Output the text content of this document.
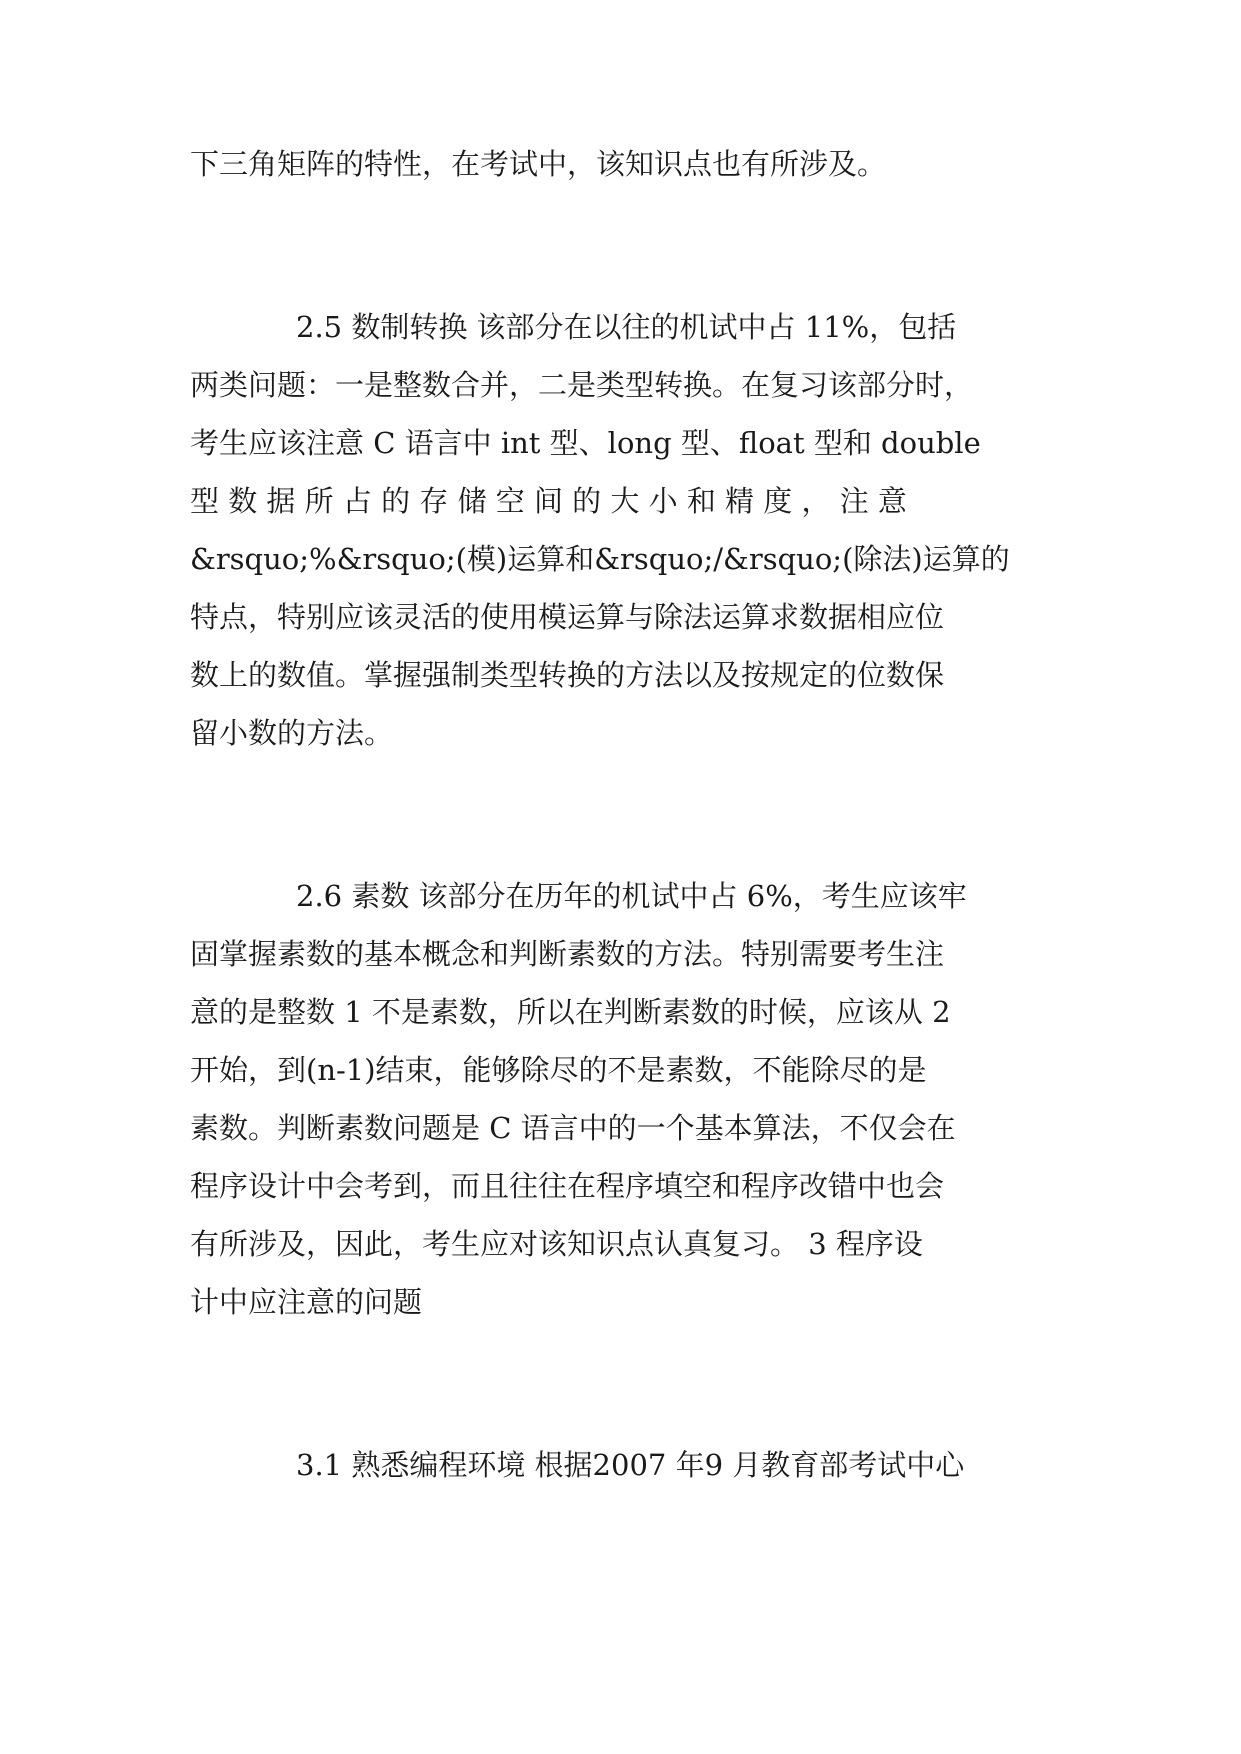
下三角矩阵的特性，在考试中，该知识点也有所涉及。
2.5 数制转换 该部分在以往的机试中占 11%，包括
两类问题：一是整数合并，二是类型转换。在复习该部分时，
考生应该注意 C 语言中 int 型、long 型、float 型和 double
型 数 据 所 占 的 存 储 空 间 的 大 小 和 精 度 ， 注 意
&rsquo;%&rsquo;(模)运算和&rsquo;/&rsquo;(除法)运算的
特点，特别应该灵活的使用模运算与除法运算求数据相应位
数上的数值。掌握强制类型转换的方法以及按规定的位数保
留小数的方法。
2.6 素数 该部分在历年的机试中占 6%，考生应该牢
固掌握素数的基本概念和判断素数的方法。特别需要考生注
意的是整数 1 不是素数，所以在判断素数的时候，应该从 2
开始，到(n-1)结束，能够除尽的不是素数，不能除尽的是
素数。判断素数问题是 C 语言中的一个基本算法，不仅会在
程序设计中会考到，而且往往在程序填空和程序改错中也会
有所涉及，因此，考生应对该知识点认真复习。 3 程序设
计中应注意的问题
3.1 熟悉编程环境 根据2007 年9 月教育部考试中心
